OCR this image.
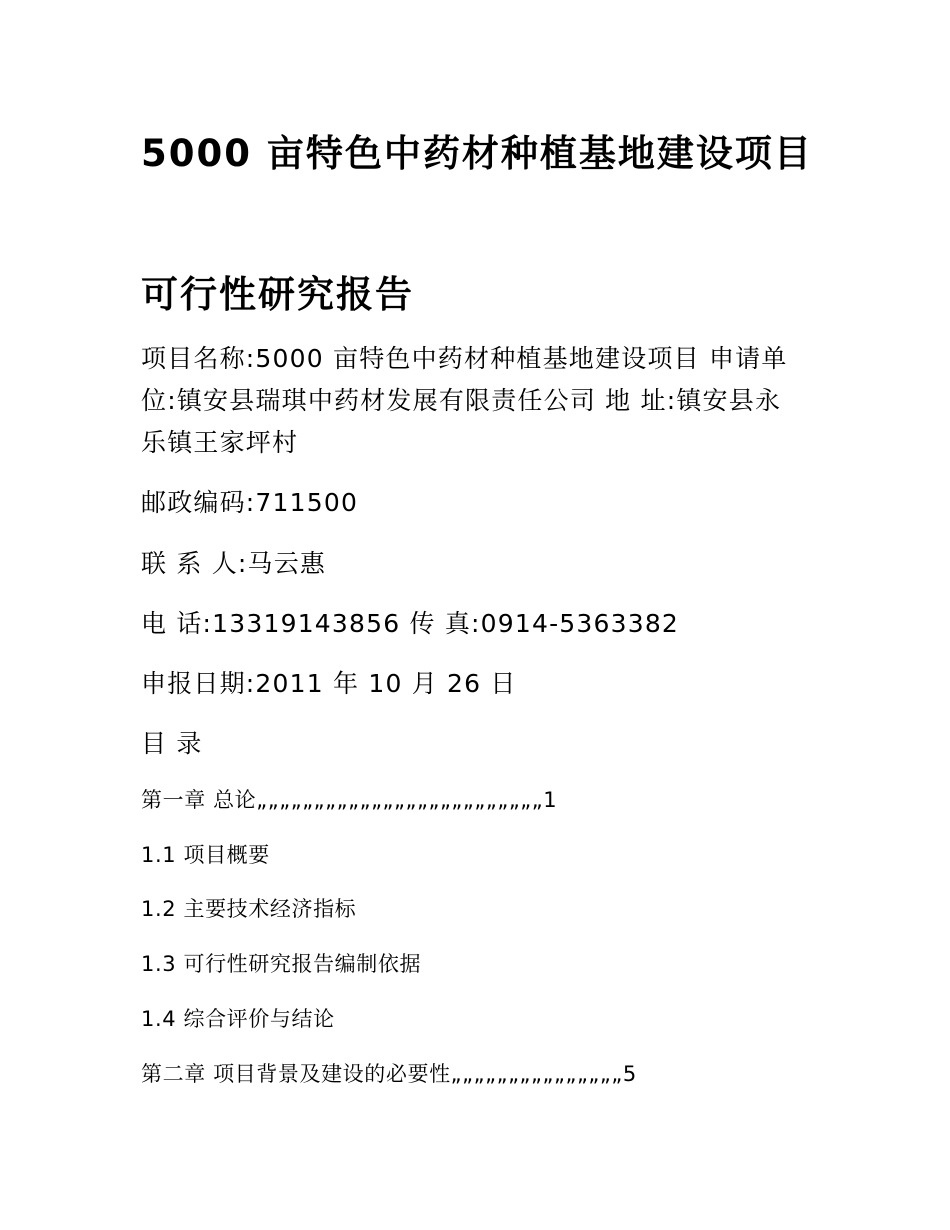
5000 亩特色中药材种植基地建设项目
可行性研究报告

项目名称:5000 亩特色中药材种植基地建设项目 申请单位:镇安县瑞琪中药材发展有限责任公司 地 址:镇安县永乐镇王家坪村

邮政编码:711500

联 系 人:马云惠

电 话:13319143856 传 真:0914-5363382

申报日期:2011 年 10 月 26 日

目 录

第一章 总论„„„„„„„„„„„„„„„„„„„„„„„„„1

1.1 项目概要

1.2 主要技术经济指标

1.3 可行性研究报告编制依据

1.4 综合评价与结论

第二章 项目背景及建设的必要性„„„„„„„„„„„„„„„5
